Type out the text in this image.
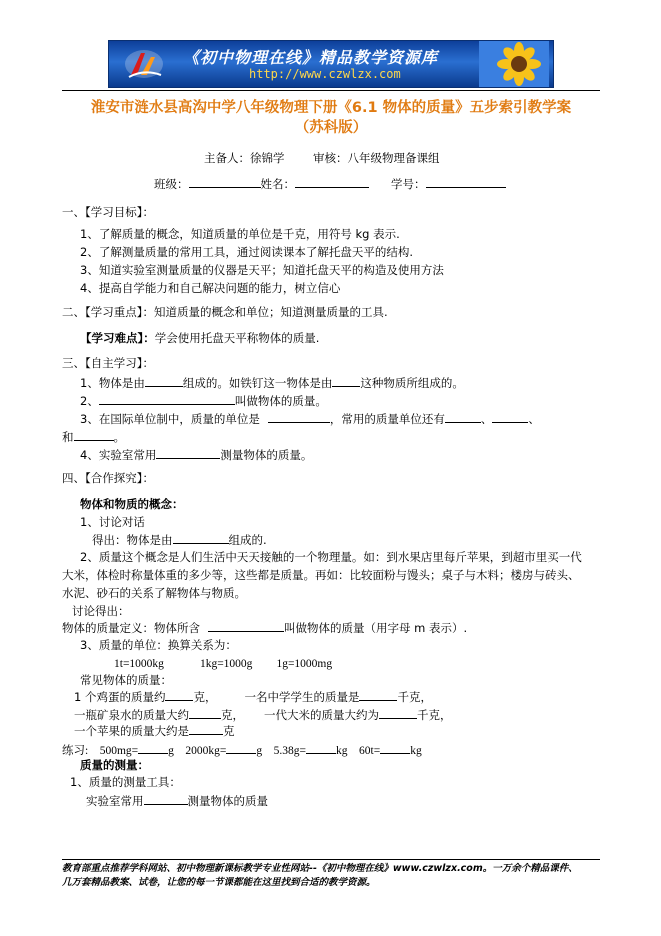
《初中物理在线》精品教学资源库
http://www.czwlzx.com
淮安市涟水县高沟中学八年级物理下册《6.1 物体的质量》五步索引教学案
（苏科版）
主备人：徐锦学 审核：八年级物理备课组
班级：	姓名：	学号：
一、【学习目标】：
1、了解质量的概念，知道质量的单位是千克，用符号 kg 表示.
2、了解测量质量的常用工具，通过阅读课本了解托盘天平的结构.
3、知道实验室测量质量的仪器是天平；知道托盘天平的构造及使用方法
4、提高自学能力和自己解决问题的能力，树立信心
二、【学习重点】：知道质量的概念和单位；知道测量质量的工具.
【学习难点】：学会使用托盘天平称物体的质量.
三、【自主学习】：
1、物体是由	组成的。如铁钉这一物体是由 这种物质所组成的。
2、	叫做物体的质量。
3、在国际单位制中，质量的单位是	，常用的质量单位还有	、	、
和	。
4、实验室常用	测量物体的质量。
四、【合作探究】：
物体和物质的概念：
1、讨论对话
得出：物体是由	组成的.
2、质量这个概念是人们生活中天天接触的一个物理量。如：到水果店里每斤苹果，到超市里买一代
大米，体检时称量体重的多少等，这些都是质量。再如：比较面粉与馒头；桌子与木料；楼房与砖头、
水泥、砂石的关系了解物体与物质。
讨论得出：
物体的质量定义：物体所含	叫做物体的质量（用字母 m 表示）.
3、质量的单位：换算关系为：
1t=1000kg	1kg=1000g 1g=1000mg
常见物体的质量：
1 个鸡蛋的质量约 克， 一名中学学生的质量是	千克，
一瓶矿泉水的质量大约	克， 一代大米的质量大约为	千克，
一个苹果的质量大约是	克
练习:    500mg=	g    2000kg=	g    5.38g=	kg    60t=	kg
质量的测量：
1、质量的测量工具：
实验室常用	测量物体的质量
教育部重点推荐学科网站、初中物理新课标教学专业性网站--《初中物理在线》www.czwlzx.com。一万余个精品课件、
几万套精品教案、试卷，让您的每一节课都能在这里找到合适的教学资源。
